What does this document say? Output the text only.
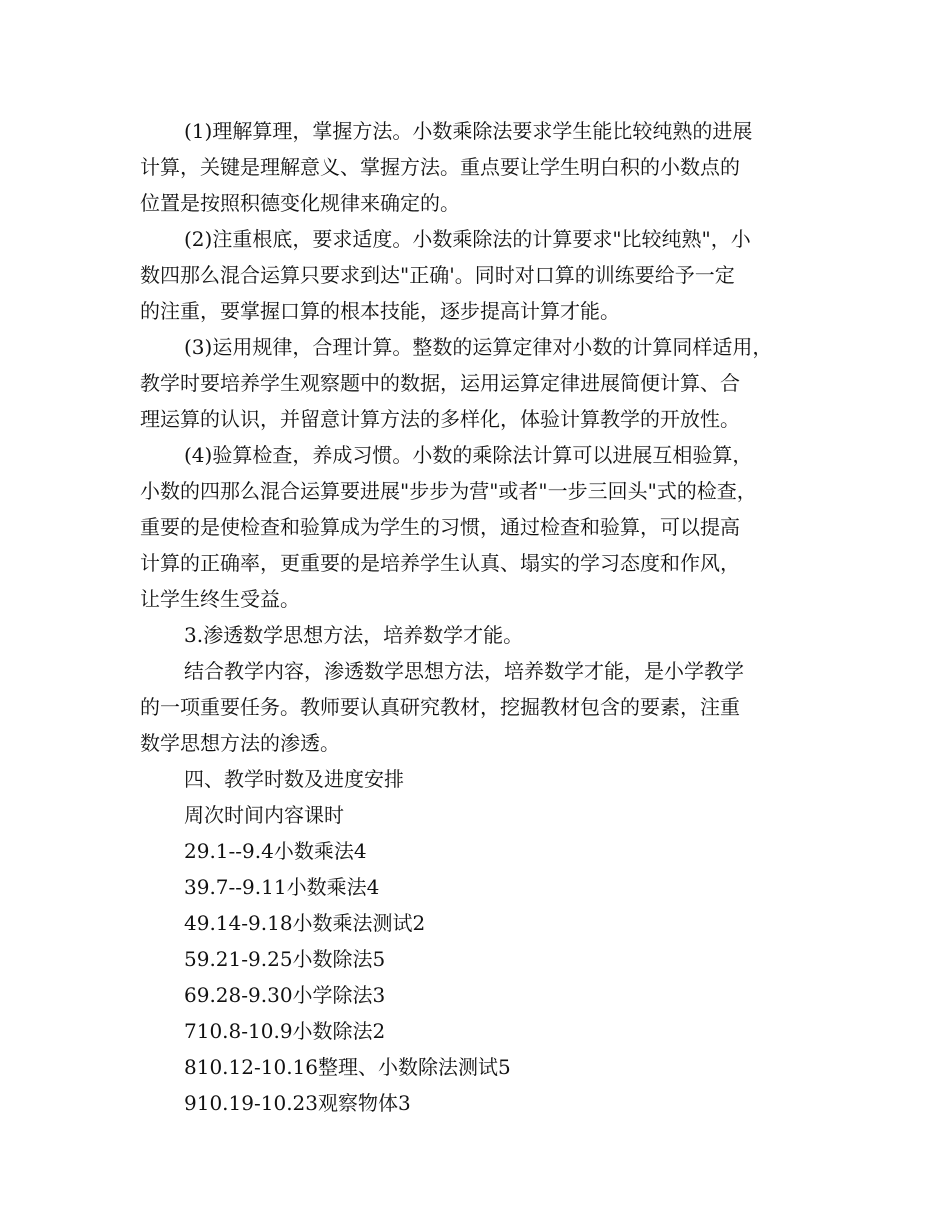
(1)理解算理，掌握方法。小数乘除法要求学生能比较纯熟的进展
计算，关键是理解意义、掌握方法。重点要让学生明白积的小数点的
位置是按照积德变化规律来确定的。
(2)注重根底，要求适度。小数乘除法的计算要求"比较纯熟"，小
数四那么混合运算只要求到达"正确'。同时对口算的训练要给予一定
的注重，要掌握口算的根本技能，逐步提高计算才能。
(3)运用规律，合理计算。整数的运算定律对小数的计算同样适用，
教学时要培养学生观察题中的数据，运用运算定律进展简便计算、合
理运算的认识，并留意计算方法的多样化，体验计算教学的开放性。
(4)验算检查，养成习惯。小数的乘除法计算可以进展互相验算，
小数的四那么混合运算要进展"步步为营"或者"一步三回头"式的检查，
重要的是使检查和验算成为学生的习惯，通过检查和验算，可以提高
计算的正确率，更重要的是培养学生认真、塌实的学习态度和作风，
让学生终生受益。
3.渗透数学思想方法，培养数学才能。
结合教学内容，渗透数学思想方法，培养数学才能，是小学教学
的一项重要任务。教师要认真研究教材，挖掘教材包含的要素，注重
数学思想方法的渗透。
四、教学时数及进度安排
周次时间内容课时
29.1--9.4小数乘法4
39.7--9.11小数乘法4
49.14-9.18小数乘法测试2
59.21-9.25小数除法5
69.28-9.30小学除法3
710.8-10.9小数除法2
810.12-10.16整理、小数除法测试5
910.19-10.23观察物体3
